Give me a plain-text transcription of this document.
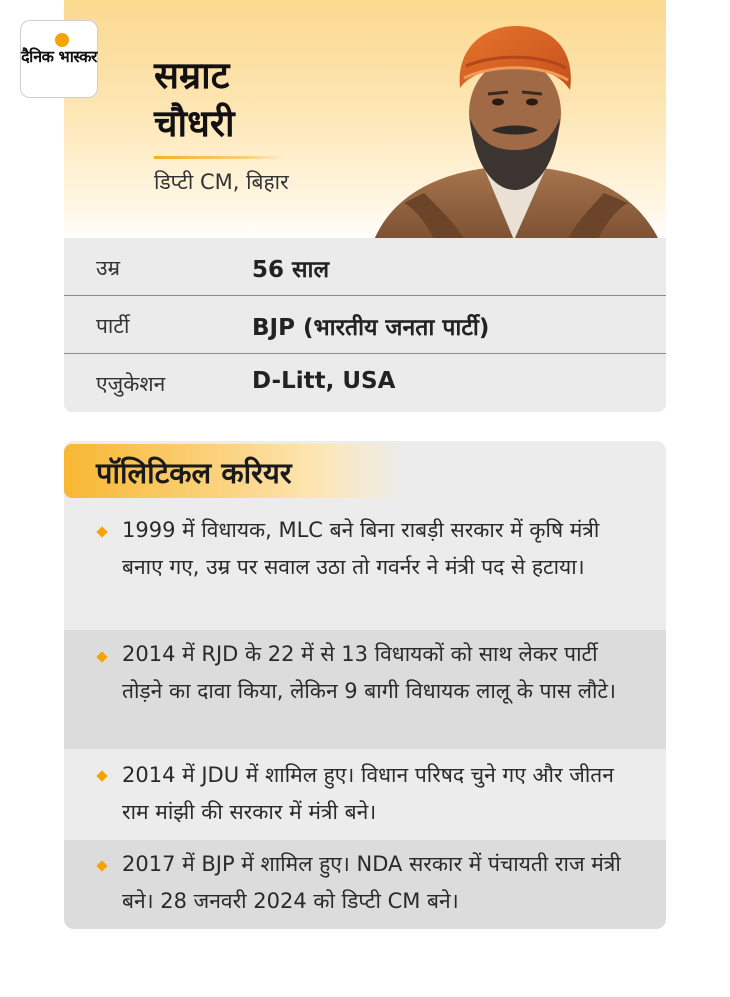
दैनिक भास्कर सम्राट
चौधरी
डिप्टी CM, बिहार
उम्र	56 साल
पार्टी	BJP (भारतीय जनता पार्टी)
एजुकेशन	D-Litt, USA
पॉलिटिकल करियर
1999 में विधायक, MLC बने बिना राबड़ी सरकार में कृषि मंत्री बनाए गए, उम्र पर सवाल उठा तो गवर्नर ने मंत्री पद से हटाया।
2014 में RJD के 22 में से 13 विधायकों को साथ लेकर पार्टी तोड़ने का दावा किया, लेकिन 9 बागी विधायक लालू के पास लौटे।
2014 में JDU में शामिल हुए। विधान परिषद चुने गए और जीतन राम मांझी की सरकार में मंत्री बने।
2017 में BJP में शामिल हुए। NDA सरकार में पंचायती राज मंत्री बने। 28 जनवरी 2024 को डिप्टी CM बने।
